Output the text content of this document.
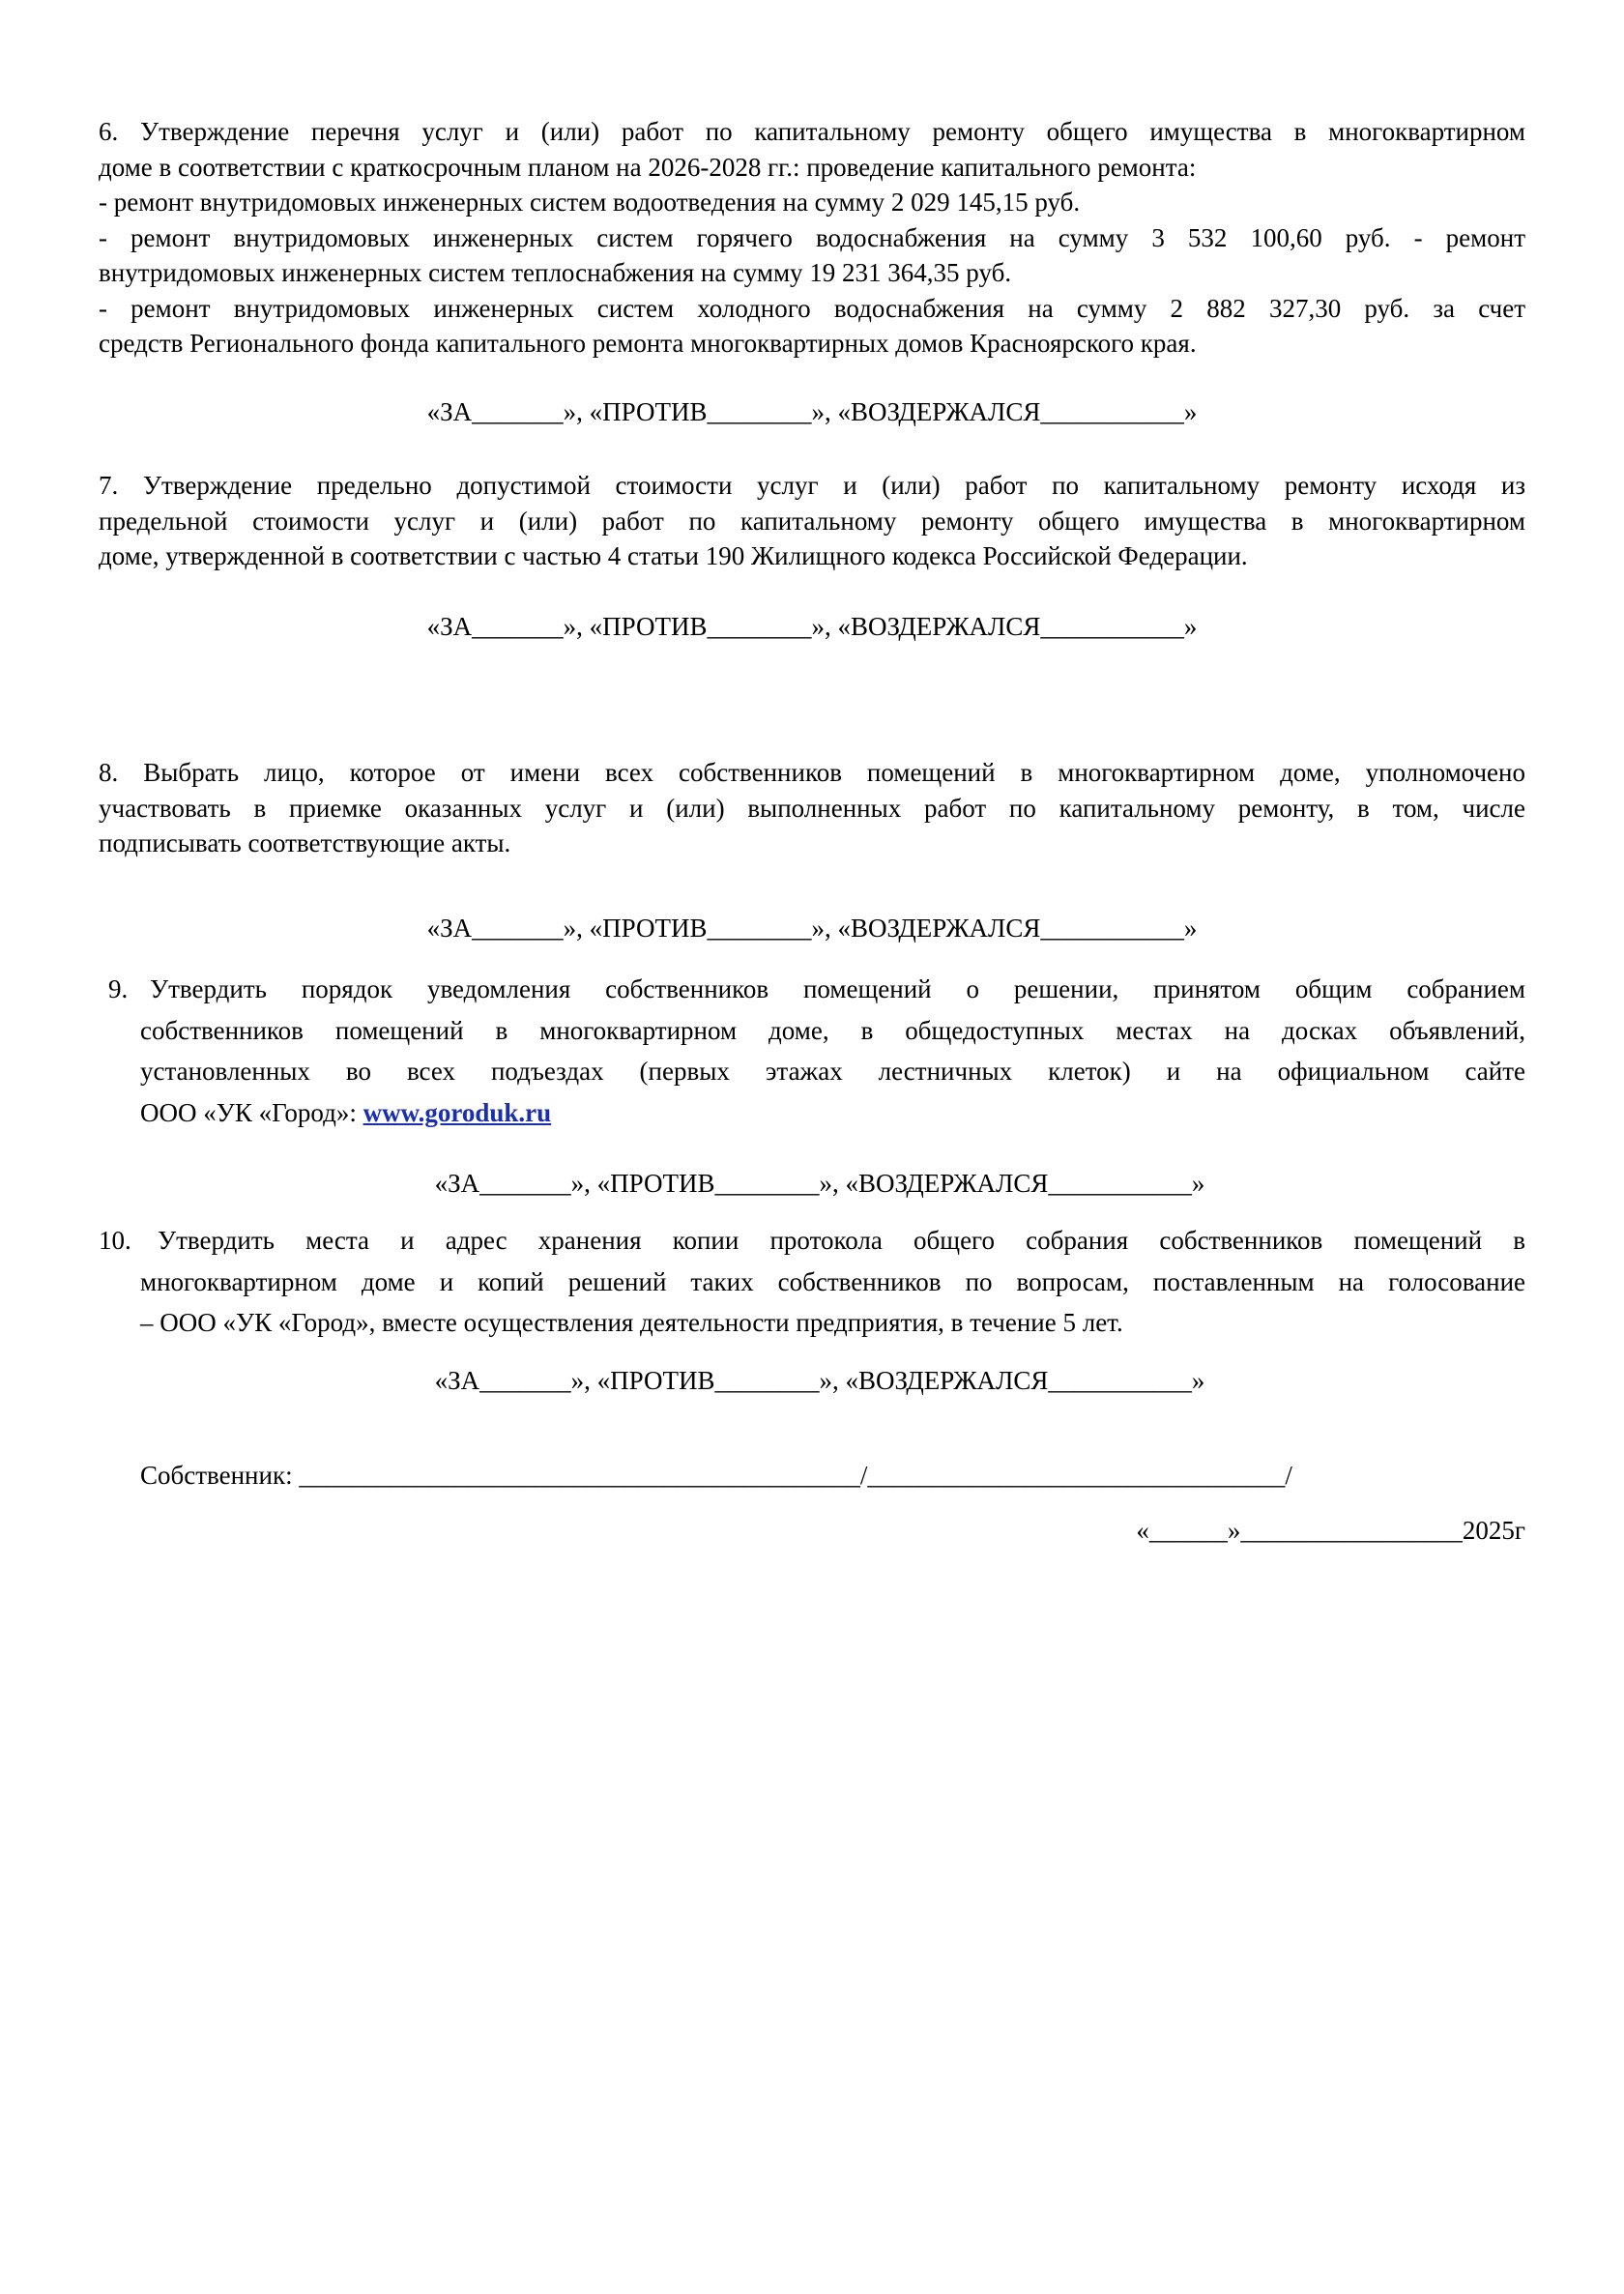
6. Утверждение перечня услуг и (или) работ по капитальному ремонту общего имущества в многоквартирном
доме в соответствии с краткосрочным планом на 2026-2028 гг.: проведение капитального ремонта:
- ремонт внутридомовых инженерных систем водоотведения на сумму 2 029 145,15 руб.
- ремонт внутридомовых инженерных систем горячего водоснабжения на сумму 3 532 100,60 руб. - ремонт
внутридомовых инженерных систем теплоснабжения на сумму 19 231 364,35 руб.
- ремонт внутридомовых инженерных систем холодного водоснабжения на сумму 2 882 327,30 руб. за счет
средств Регионального фонда капитального ремонта многоквартирных домов Красноярского края.
«ЗА_______», «ПРОТИВ________», «ВОЗДЕРЖАЛСЯ___________»
7. Утверждение предельно допустимой стоимости услуг и (или) работ по капитальному ремонту исходя из
предельной стоимости услуг и (или) работ по капитальному ремонту общего имущества в многоквартирном
доме, утвержденной в соответствии с частью 4 статьи 190 Жилищного кодекса Российской Федерации.
«ЗА_______», «ПРОТИВ________», «ВОЗДЕРЖАЛСЯ___________»
8. Выбрать лицо, которое от имени всех собственников помещений в многоквартирном доме, уполномочено
участвовать в приемке оказанных услуг и (или) выполненных работ по капитальному ремонту, в том, числе
подписывать соответствующие акты.
«ЗА_______», «ПРОТИВ________», «ВОЗДЕРЖАЛСЯ___________»
9. Утвердить порядок уведомления собственников помещений о решении, принятом общим собранием
собственников помещений в многоквартирном доме, в общедоступных местах на досках объявлений,
установленных во всех подъездах (первых этажах лестничных клеток) и на официальном сайте
ООО «УК «Город»: www.goroduk.ru
«ЗА_______», «ПРОТИВ________», «ВОЗДЕРЖАЛСЯ___________»
10. Утвердить места и адрес хранения копии протокола общего собрания собственников помещений в
многоквартирном доме и копий решений таких собственников по вопросам, поставленным на голосование
– ООО «УК «Город», вместе осуществления деятельности предприятия, в течение 5 лет.
«ЗА_______», «ПРОТИВ________», «ВОЗДЕРЖАЛСЯ___________»
Собственник: ___________________________________________/________________________________/
«______»_________________2025г
